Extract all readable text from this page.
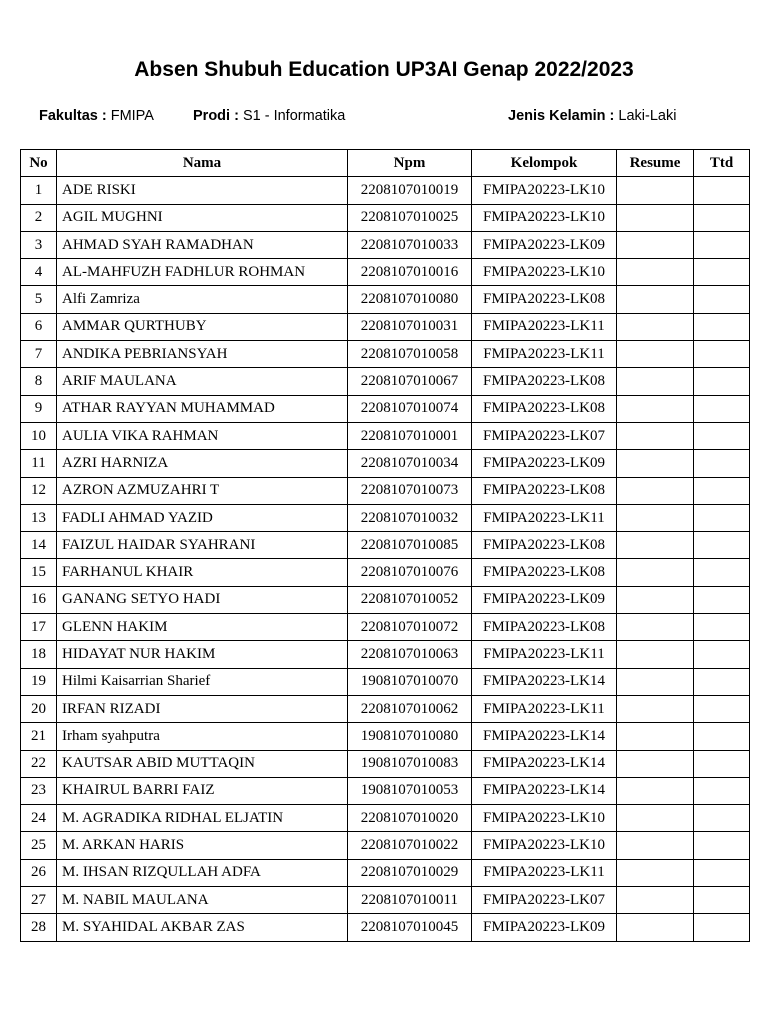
Absen Shubuh Education UP3AI Genap 2022/2023
Fakultas : FMIPA	Prodi : S1 - Informatika	Jenis Kelamin : Laki-Laki
No	Nama	Npm	Kelompok	Resume	Ttd
1	ADE RISKI	2208107010019	FMIPA20223-LK10		
2	AGIL MUGHNI	2208107010025	FMIPA20223-LK10		
3	AHMAD SYAH RAMADHAN	2208107010033	FMIPA20223-LK09		
4	AL-MAHFUZH FADHLUR ROHMAN	2208107010016	FMIPA20223-LK10		
5	Alfi Zamriza	2208107010080	FMIPA20223-LK08		
6	AMMAR QURTHUBY	2208107010031	FMIPA20223-LK11		
7	ANDIKA PEBRIANSYAH	2208107010058	FMIPA20223-LK11		
8	ARIF MAULANA	2208107010067	FMIPA20223-LK08		
9	ATHAR RAYYAN MUHAMMAD	2208107010074	FMIPA20223-LK08		
10	AULIA VIKA RAHMAN	2208107010001	FMIPA20223-LK07		
11	AZRI HARNIZA	2208107010034	FMIPA20223-LK09		
12	AZRON AZMUZAHRI T	2208107010073	FMIPA20223-LK08		
13	FADLI AHMAD YAZID	2208107010032	FMIPA20223-LK11		
14	FAIZUL HAIDAR SYAHRANI	2208107010085	FMIPA20223-LK08		
15	FARHANUL KHAIR	2208107010076	FMIPA20223-LK08		
16	GANANG SETYO HADI	2208107010052	FMIPA20223-LK09		
17	GLENN HAKIM	2208107010072	FMIPA20223-LK08		
18	HIDAYAT NUR HAKIM	2208107010063	FMIPA20223-LK11		
19	Hilmi Kaisarrian Sharief	1908107010070	FMIPA20223-LK14		
20	IRFAN RIZADI	2208107010062	FMIPA20223-LK11		
21	Irham syahputra	1908107010080	FMIPA20223-LK14		
22	KAUTSAR ABID MUTTAQIN	1908107010083	FMIPA20223-LK14		
23	KHAIRUL BARRI FAIZ	1908107010053	FMIPA20223-LK14		
24	M. AGRADIKA RIDHAL ELJATIN	2208107010020	FMIPA20223-LK10		
25	M. ARKAN HARIS	2208107010022	FMIPA20223-LK10		
26	M. IHSAN RIZQULLAH ADFA	2208107010029	FMIPA20223-LK11		
27	M. NABIL MAULANA	2208107010011	FMIPA20223-LK07		
28	M. SYAHIDAL AKBAR ZAS	2208107010045	FMIPA20223-LK09		
